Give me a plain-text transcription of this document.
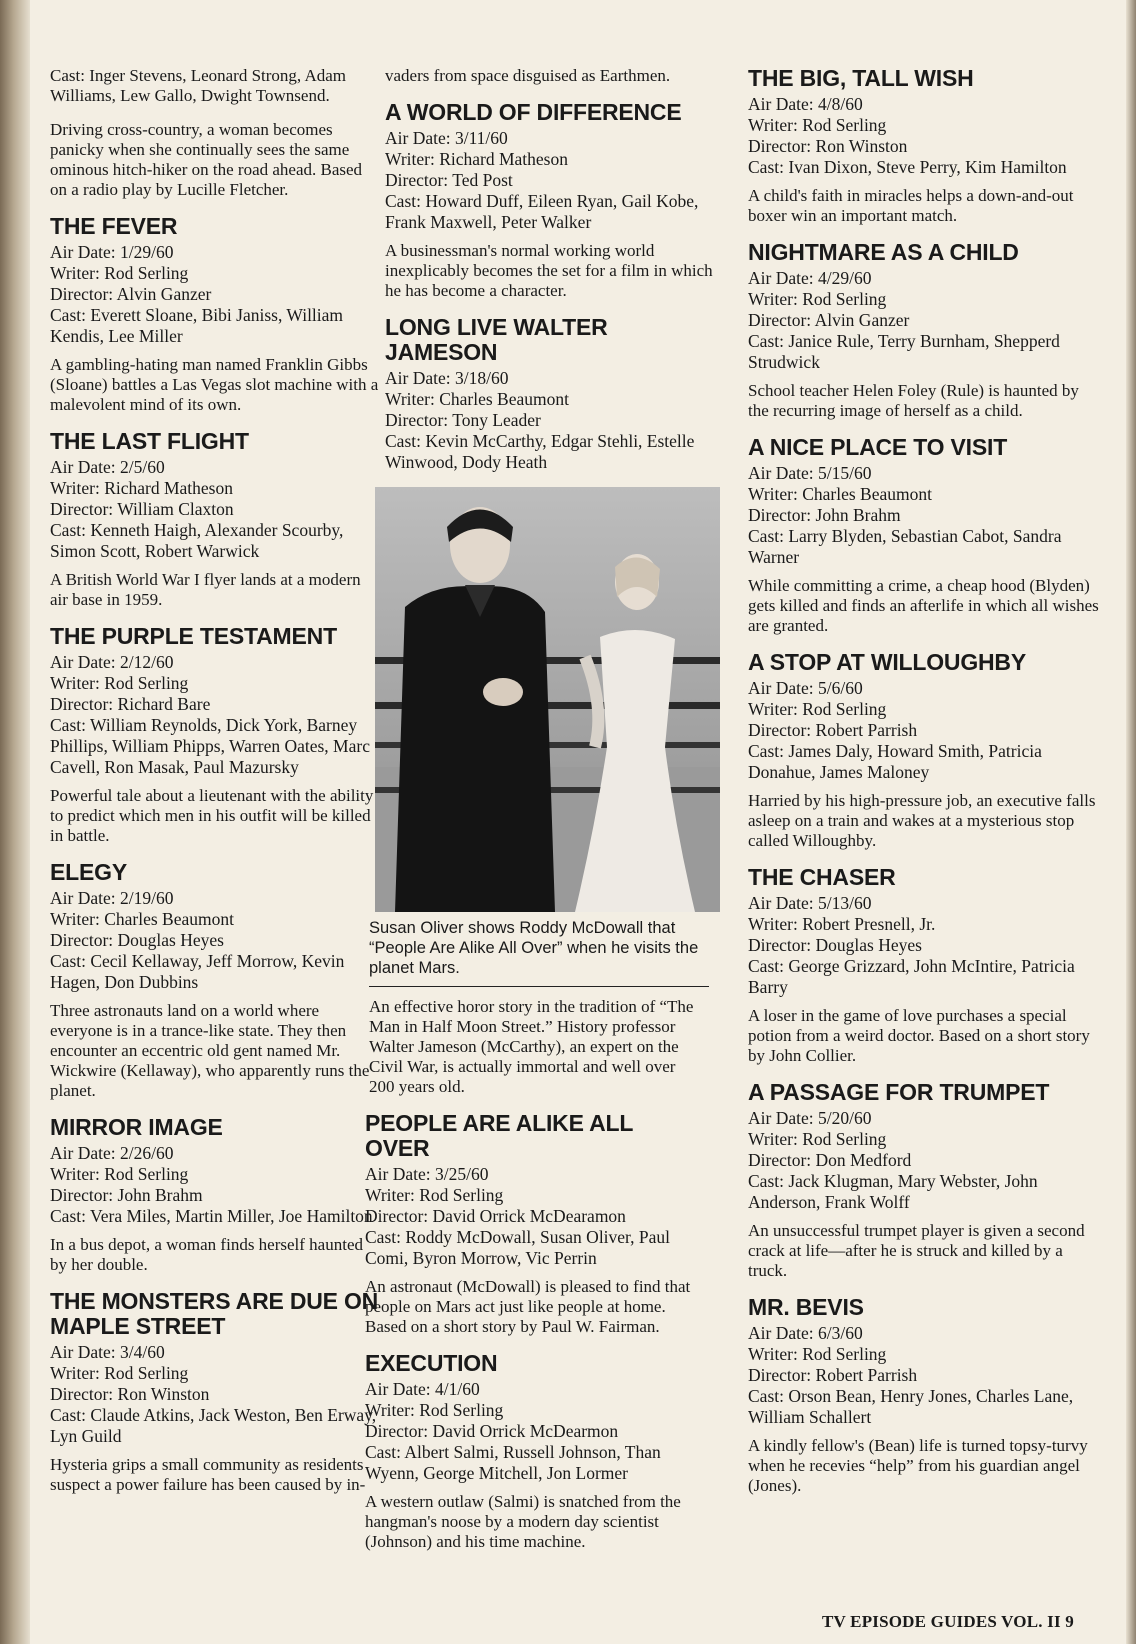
Cast: Inger Stevens, Leonard Strong, Adam Williams, Lew Gallo, Dwight Townsend.
Driving cross-country, a woman becomes panicky when she continually sees the same ominous hitch-hiker on the road ahead. Based on a radio play by Lucille Fletcher.
THE FEVER
Air Date: 1/29/60
Writer: Rod Serling
Director: Alvin Ganzer
Cast: Everett Sloane, Bibi Janiss, William Kendis, Lee Miller
A gambling-hating man named Franklin Gibbs (Sloane) battles a Las Vegas slot machine with a malevolent mind of its own.
THE LAST FLIGHT
Air Date: 2/5/60
Writer: Richard Matheson
Director: William Claxton
Cast: Kenneth Haigh, Alexander Scourby, Simon Scott, Robert Warwick
A British World War I flyer lands at a modern air base in 1959.
THE PURPLE TESTAMENT
Air Date: 2/12/60
Writer: Rod Serling
Director: Richard Bare
Cast: William Reynolds, Dick York, Barney Phillips, William Phipps, Warren Oates, Marc Cavell, Ron Masak, Paul Mazursky
Powerful tale about a lieutenant with the ability to predict which men in his outfit will be killed in battle.
ELEGY
Air Date: 2/19/60
Writer: Charles Beaumont
Director: Douglas Heyes
Cast: Cecil Kellaway, Jeff Morrow, Kevin Hagen, Don Dubbins
Three astronauts land on a world where everyone is in a trance-like state. They then encounter an eccentric old gent named Mr. Wickwire (Kellaway), who apparently runs the planet.
MIRROR IMAGE
Air Date: 2/26/60
Writer: Rod Serling
Director: John Brahm
Cast: Vera Miles, Martin Miller, Joe Hamilton
In a bus depot, a woman finds herself haunted by her double.
THE MONSTERS ARE DUE ON MAPLE STREET
Air Date: 3/4/60
Writer: Rod Serling
Director: Ron Winston
Cast: Claude Atkins, Jack Weston, Ben Erway, Lyn Guild
Hysteria grips a small community as residents suspect a power failure has been caused by in-
vaders from space disguised as Earthmen.
A WORLD OF DIFFERENCE
Air Date: 3/11/60
Writer: Richard Matheson
Director: Ted Post
Cast: Howard Duff, Eileen Ryan, Gail Kobe, Frank Maxwell, Peter Walker
A businessman's normal working world inexplicably becomes the set for a film in which he has become a character.
LONG LIVE WALTER JAMESON
Air Date: 3/18/60
Writer: Charles Beaumont
Director: Tony Leader
Cast: Kevin McCarthy, Edgar Stehli, Estelle Winwood, Dody Heath
Susan Oliver shows Roddy McDowall that “People Are Alike All Over” when he visits the planet Mars.
An effective horor story in the tradition of “The Man in Half Moon Street.” History professor Walter Jameson (McCarthy), an expert on the Civil War, is actually immortal and well over 200 years old.
PEOPLE ARE ALIKE ALL OVER
Air Date: 3/25/60
Writer: Rod Serling
Director: David Orrick McDearamon
Cast: Roddy McDowall, Susan Oliver, Paul Comi, Byron Morrow, Vic Perrin
An astronaut (McDowall) is pleased to find that people on Mars act just like people at home. Based on a short story by Paul W. Fairman.
EXECUTION
Air Date: 4/1/60
Writer: Rod Serling
Director: David Orrick McDearmon
Cast: Albert Salmi, Russell Johnson, Than Wyenn, George Mitchell, Jon Lormer
A western outlaw (Salmi) is snatched from the hangman's noose by a modern day scientist (Johnson) and his time machine.
THE BIG, TALL WISH
Air Date: 4/8/60
Writer: Rod Serling
Director: Ron Winston
Cast: Ivan Dixon, Steve Perry, Kim Hamilton
A child's faith in miracles helps a down-and-out boxer win an important match.
NIGHTMARE AS A CHILD
Air Date: 4/29/60
Writer: Rod Serling
Director: Alvin Ganzer
Cast: Janice Rule, Terry Burnham, Shepperd Strudwick
School teacher Helen Foley (Rule) is haunted by the recurring image of herself as a child.
A NICE PLACE TO VISIT
Air Date: 5/15/60
Writer: Charles Beaumont
Director: John Brahm
Cast: Larry Blyden, Sebastian Cabot, Sandra Warner
While committing a crime, a cheap hood (Blyden) gets killed and finds an afterlife in which all wishes are granted.
A STOP AT WILLOUGHBY
Air Date: 5/6/60
Writer: Rod Serling
Director: Robert Parrish
Cast: James Daly, Howard Smith, Patricia Donahue, James Maloney
Harried by his high-pressure job, an executive falls asleep on a train and wakes at a mysterious stop called Willoughby.
THE CHASER
Air Date: 5/13/60
Writer: Robert Presnell, Jr.
Director: Douglas Heyes
Cast: George Grizzard, John McIntire, Patricia Barry
A loser in the game of love purchases a special potion from a weird doctor. Based on a short story by John Collier.
A PASSAGE FOR TRUMPET
Air Date: 5/20/60
Writer: Rod Serling
Director: Don Medford
Cast: Jack Klugman, Mary Webster, John Anderson, Frank Wolff
An unsuccessful trumpet player is given a second crack at life—after he is struck and killed by a truck.
MR. BEVIS
Air Date: 6/3/60
Writer: Rod Serling
Director: Robert Parrish
Cast: Orson Bean, Henry Jones, Charles Lane, William Schallert
A kindly fellow's (Bean) life is turned topsy-turvy when he recevies “help” from his guardian angel (Jones).
TV EPISODE GUIDES VOL. II 9
